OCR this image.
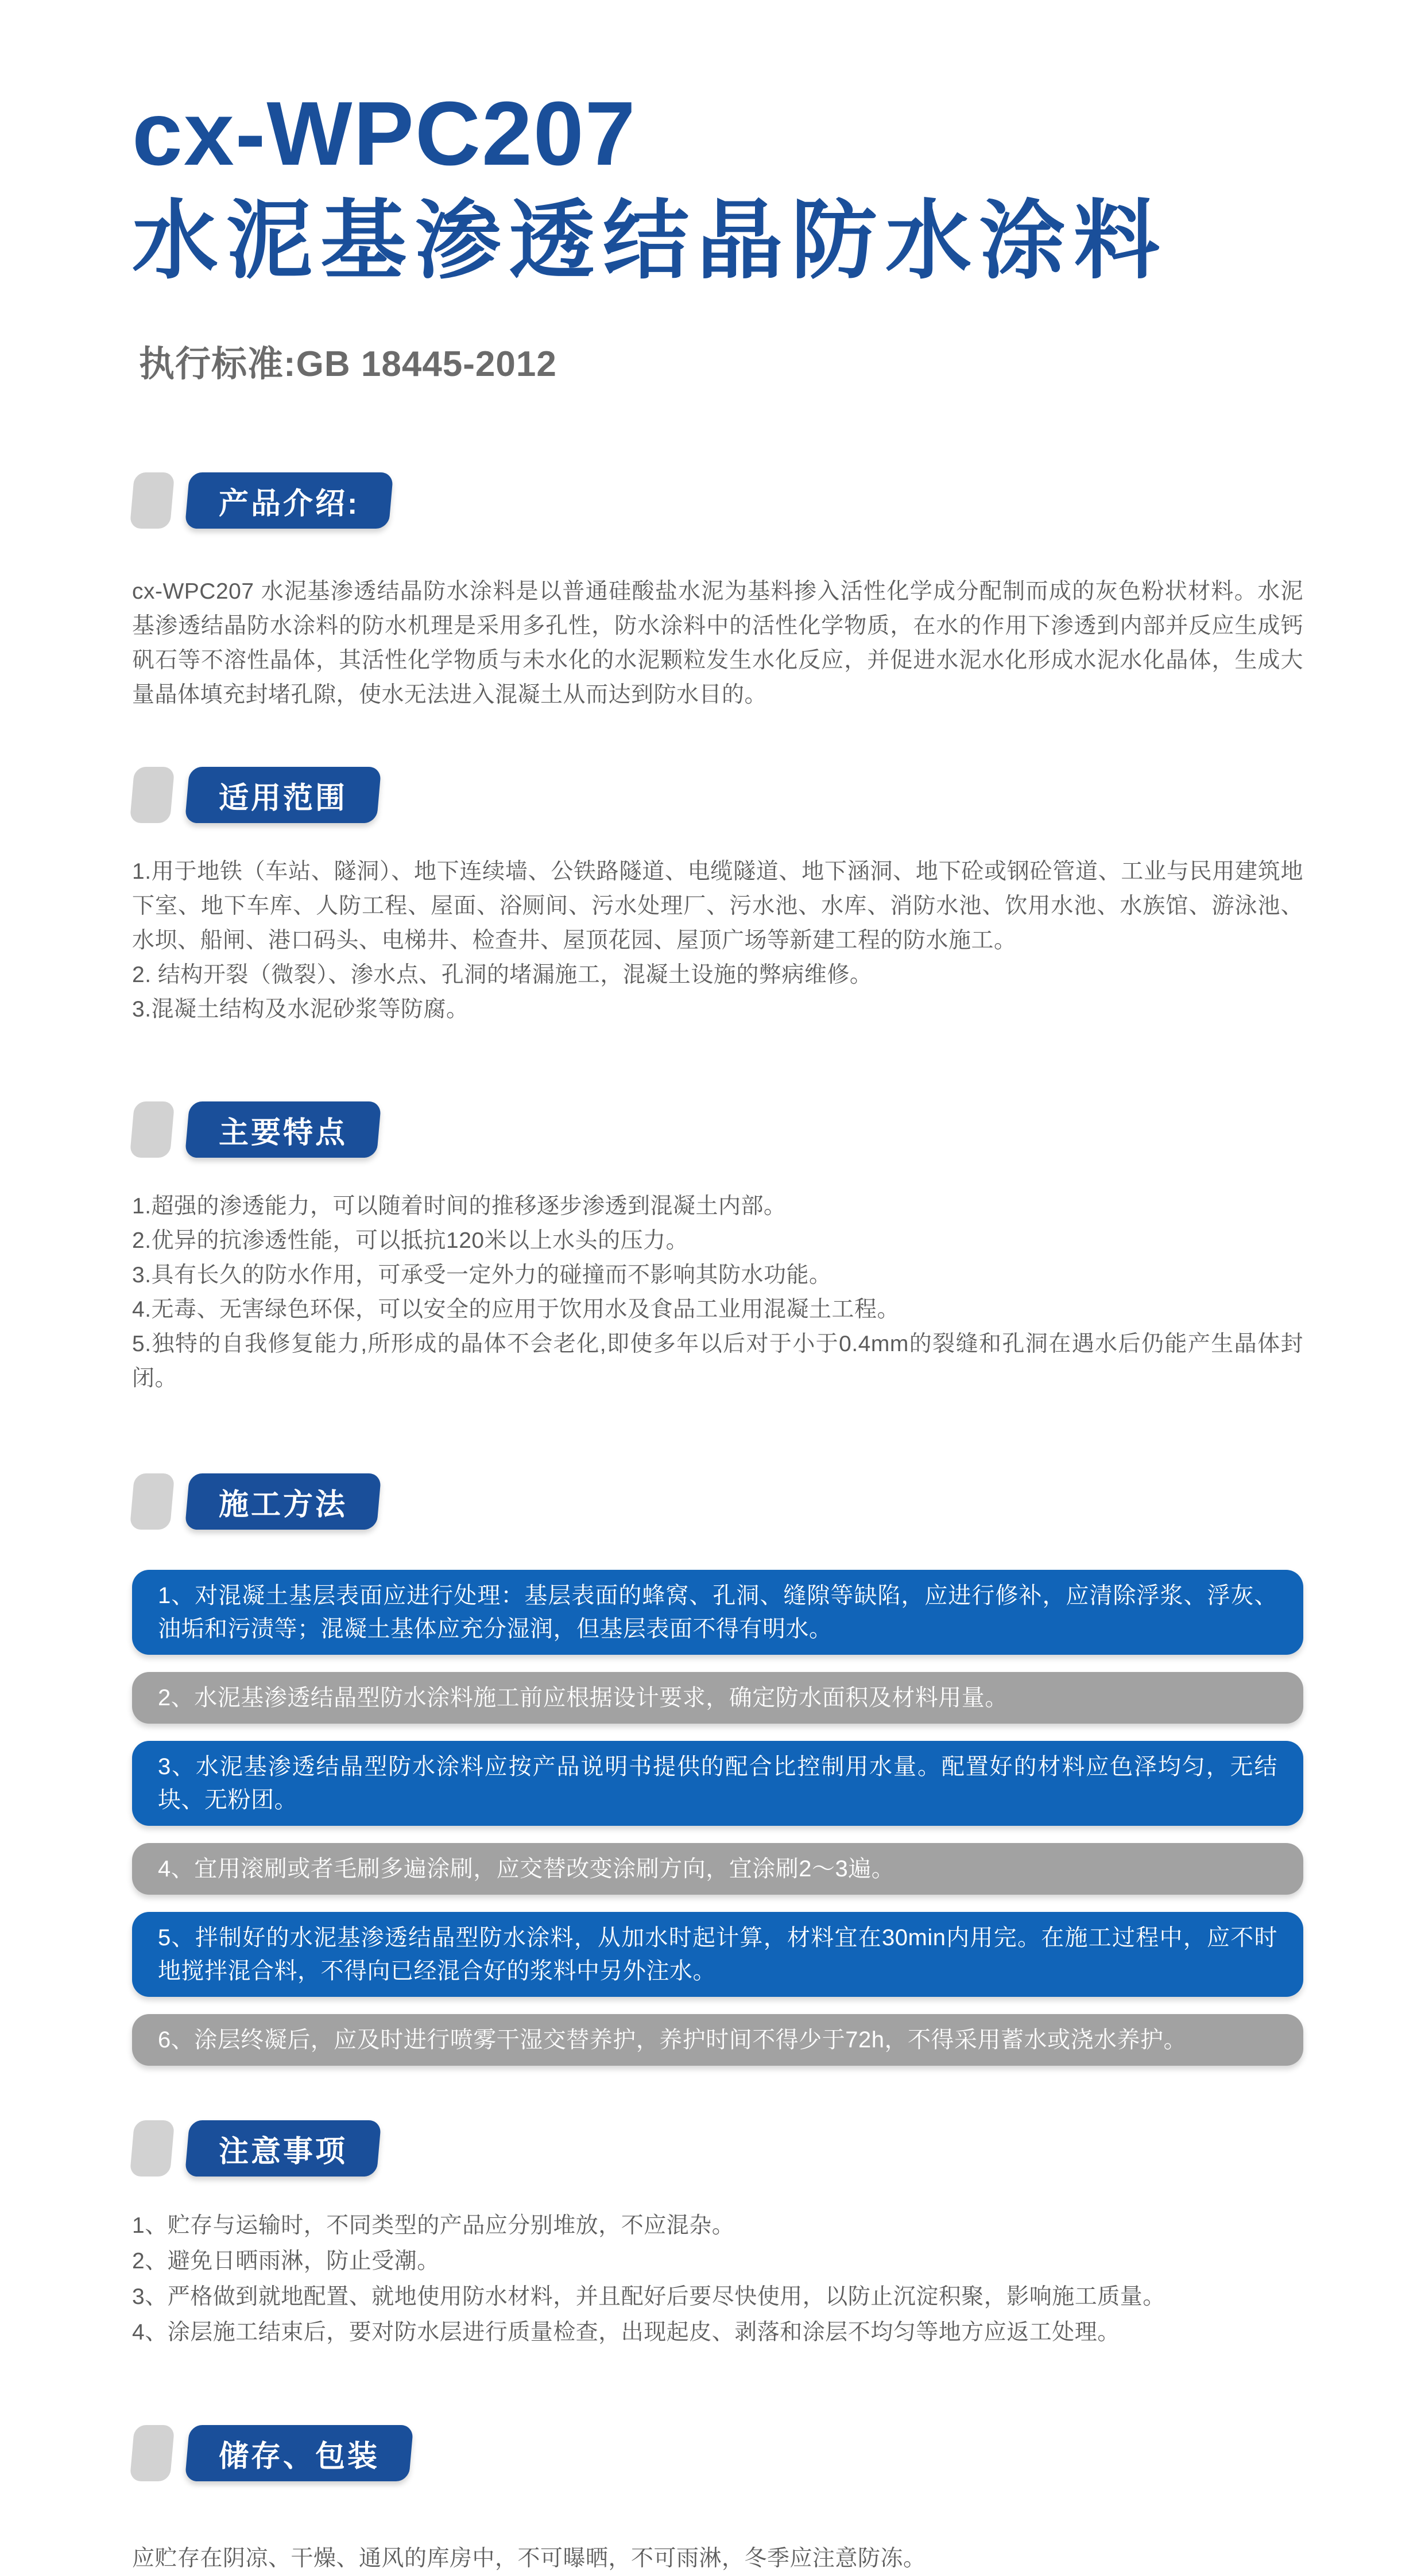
cx-WPC207
水泥基渗透结晶防水涂料
执行标准:GB 18445-2012
产品介绍:

cx-WPC207 水泥基渗透结晶防水涂料是以普通硅酸盐水泥为基料掺入活性化学成分配制而成的灰色粉状材料。水泥基渗透结晶防水涂料的防水机理是采用多孔性，防水涂料中的活性化学物质，在水的作用下渗透到内部并反应生成钙矾石等不溶性晶体，其活性化学物质与未水化的水泥颗粒发生水化反应，并促进水泥水化形成水泥水化晶体，生成大量晶体填充封堵孔隙，使水无法进入混凝土从而达到防水目的。

适用范围

1.用于地铁（车站、隧洞）、地下连续墙、公铁路隧道、电缆隧道、地下涵洞、地下砼或钢砼管道、工业与民用建筑地下室、地下车库、人防工程、屋面、浴厕间、污水处理厂、污水池、水库、消防水池、饮用水池、水族馆、游泳池、水坝、船闸、港口码头、电梯井、检查井、屋顶花园、屋顶广场等新建工程的防水施工。

2. 结构开裂（微裂）、渗水点、孔洞的堵漏施工，混凝土设施的弊病维修。

3.混凝土结构及水泥砂浆等防腐。

主要特点

1.超强的渗透能力，可以随着时间的推移逐步渗透到混凝土内部。

2.优异的抗渗透性能，可以抵抗120米以上水头的压力。

3.具有长久的防水作用，可承受一定外力的碰撞而不影响其防水功能。

4.无毒、无害绿色环保，可以安全的应用于饮用水及食品工业用混凝土工程。

5.独特的自我修复能力,所形成的晶体不会老化,即使多年以后对于小于0.4mm的裂缝和孔洞在遇水后仍能产生晶体封闭。

施工方法
1、对混凝土基层表面应进行处理：基层表面的蜂窝、孔洞、缝隙等缺陷，应进行修补，应清除浮浆、浮灰、油垢和污渍等；混凝土基体应充分湿润，但基层表面不得有明水。
2、水泥基渗透结晶型防水涂料施工前应根据设计要求，确定防水面积及材料用量。
3、水泥基渗透结晶型防水涂料应按产品说明书提供的配合比控制用水量。配置好的材料应色泽均匀，无结块、无粉团。
4、宜用滚刷或者毛刷多遍涂刷，应交替改变涂刷方向，宜涂刷2～3遍。
5、拌制好的水泥基渗透结晶型防水涂料，从加水时起计算，材料宜在30min内用完。在施工过程中，应不时地搅拌混合料，不得向已经混合好的浆料中另外注水。
6、涂层终凝后，应及时进行喷雾干湿交替养护，养护时间不得少于72h，不得采用蓄水或浇水养护。
注意事项

1、贮存与运输时，不同类型的产品应分别堆放，不应混杂。

2、避免日晒雨淋，防止受潮。

3、严格做到就地配置、就地使用防水材料，并且配好后要尽快使用，以防止沉淀积聚，影响施工质量。

4、涂层施工结束后，要对防水层进行质量检查，出现起皮、剥落和涂层不均匀等地方应返工处理。

储存、包装

应贮存在阴凉、干燥、通风的库房中，不可曝晒，不可雨淋，冬季应注意防冻。
